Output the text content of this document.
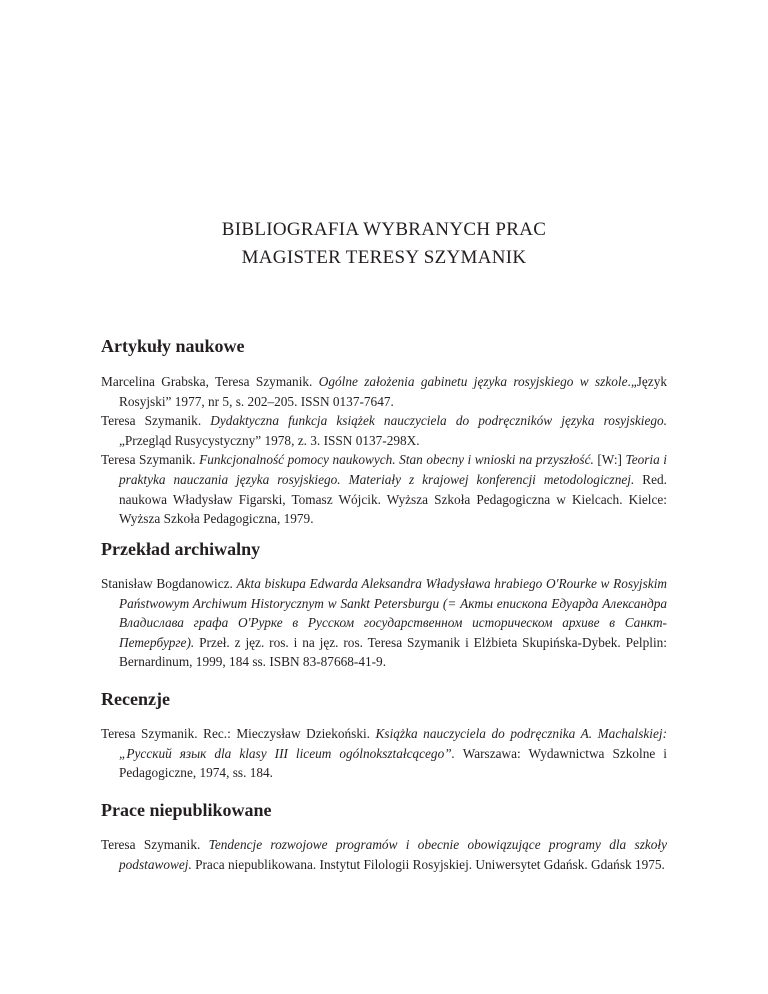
BIBLIOGRAFIA WYBRANYCH PRAC
MAGISTER TERESY SZYMANIK
Artykuły naukowe

Marcelina Grabska, Teresa Szymanik. Ogólne założenia gabinetu języka rosyjskiego w szkole.„Język Rosyjski” 1977, nr 5, s. 202–205. ISSN 0137-7647.

Teresa Szymanik. Dydaktyczna funkcja książek nauczyciela do podręczników języka rosyjskiego. „Przegląd Rusycystyczny” 1978, z. 3. ISSN 0137-298X.

Teresa Szymanik. Funkcjonalność pomocy naukowych. Stan obecny i wnioski na przyszłość. [W:] Teoria i praktyka nauczania języka rosyjskiego. Materiały z krajowej konferencji metodologicznej. Red. naukowa Władysław Figarski, Tomasz Wójcik. Wyższa Szkoła Pedagogiczna w Kielcach. Kielce: Wyższa Szkoła Pedagogiczna, 1979.

Przekład archiwalny

Stanisław Bogdanowicz. Akta biskupa Edwarda Aleksandra Władysława hrabiego O'Rourke w Rosyjskim Państwowym Archiwum Historycznym w Sankt Petersburgu (= Акты епископа Едуарда Александра Владислава графа О'Рурке в Русском государственном историческом архиве в Санкт-Петербурге). Przeł. z jęz. ros. i na jęz. ros. Teresa Szymanik i Elżbieta Skupińska-Dybek. Pelplin: Bernardinum, 1999, 184 ss. ISBN 83-87668-41-9.

Recenzje

Teresa Szymanik. Rec.: Mieczysław Dziekoński. Książka nauczyciela do podręcznika A. Machalskiej: „Русский язык dla klasy III liceum ogólnokształcącego”. Warszawa: Wydawnictwa Szkolne i Pedagogiczne, 1974, ss. 184.

Prace niepublikowane

Teresa Szymanik. Tendencje rozwojowe programów i obecnie obowiązujące programy dla szkoły podstawowej. Praca niepublikowana. Instytut Filologii Rosyjskiej. Uniwersytet Gdańsk. Gdańsk 1975.
